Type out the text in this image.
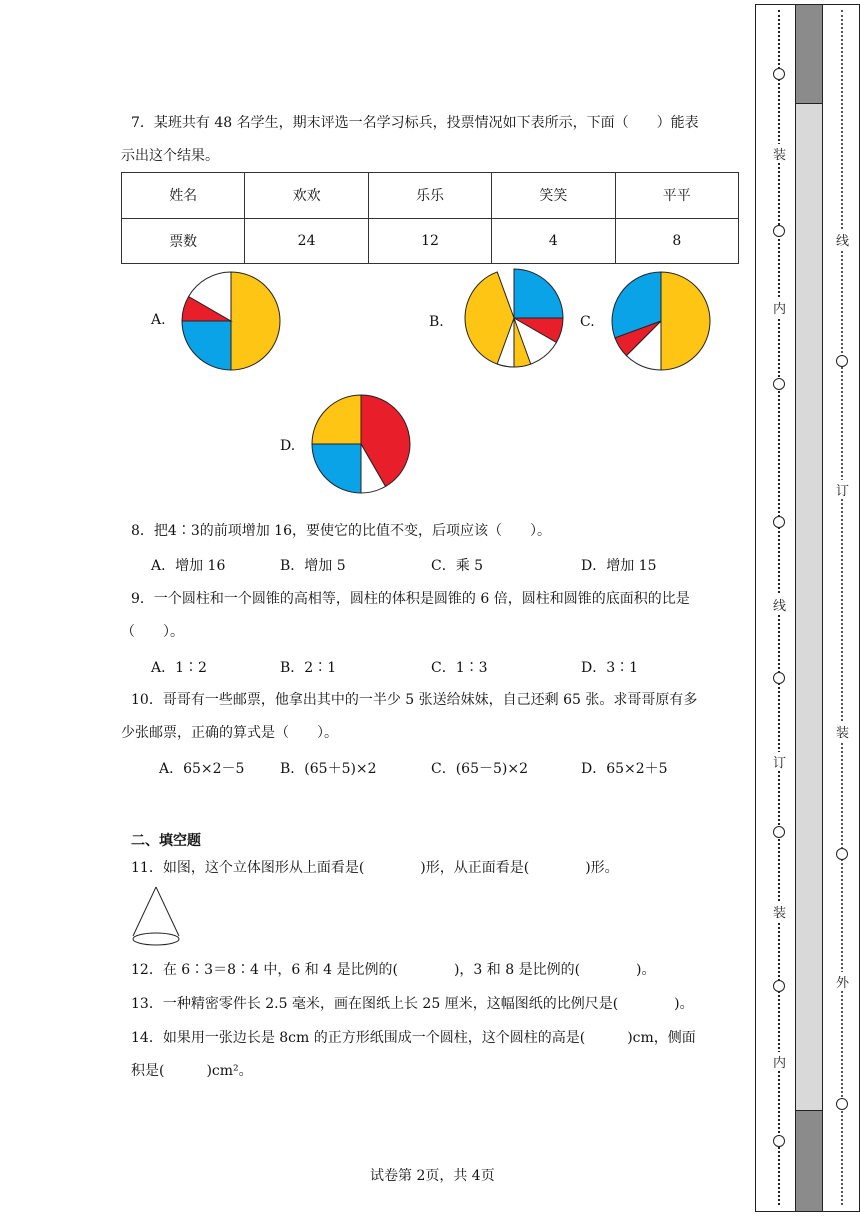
7．某班共有 48 名学生，期末评选一名学习标兵，投票情况如下表所示，下面（　　）能表
示出这个结果。
姓名	欢欢	乐乐	笑笑	平平
票数	24	12	4	8
A.	B.	C.
D.
8．把4∶3的前项增加 16，要使它的比值不变，后项应该（　　）。
A．增加 16	B．增加 5	C．乘 5	D．增加 15
9．一个圆柱和一个圆锥的高相等，圆柱的体积是圆锥的 6 倍，圆柱和圆锥的底面积的比是
（　　）。
A．1∶2	B．2∶1	C．1∶3	D．3∶1
10．哥哥有一些邮票，他拿出其中的一半少 5 张送给妹妹，自己还剩 65 张。求哥哥原有多
少张邮票，正确的算式是（　　）。
A．65×2－5	B．(65＋5)×2	C．(65－5)×2	D．65×2＋5
二、填空题
11．如图，这个立体图形从上面看是(　　　　)形，从正面看是(　　　　)形。
12．在 6∶3＝8∶4 中，6 和 4 是比例的(　　　　)，3 和 8 是比例的(　　　　)。
13．一种精密零件长 2.5 毫米，画在图纸上长 25 厘米，这幅图纸的比例尺是(　　　　)。
14．如果用一张边长是 8cm 的正方形纸围成一个圆柱，这个圆柱的高是(　　　)cm，侧面
积是(　　　)cm²。
试卷第 2页，共 4页
装
内
线
订
装
内
线
订
装
外
